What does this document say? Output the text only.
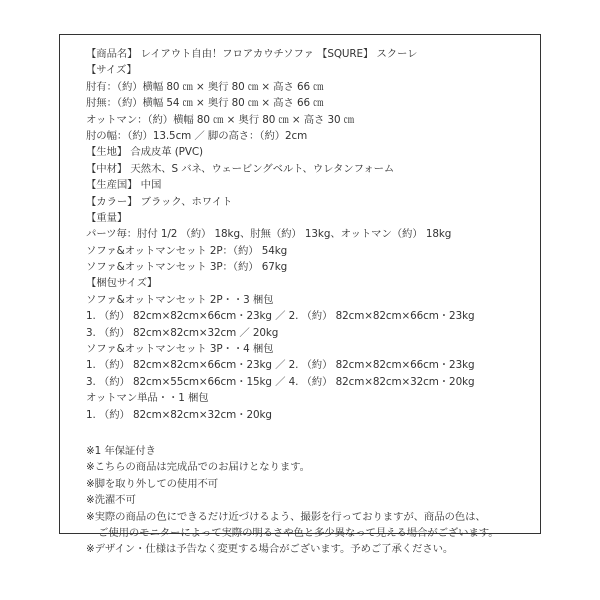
【商品名】 レイアウト自由！フロアカウチソファ 【SQURE】 スクーレ
【サイズ】
肘有：（約）横幅 80 ㎝ × 奥行 80 ㎝ × 高さ 66 ㎝
肘無：（約）横幅 54 ㎝ × 奥行 80 ㎝ × 高さ 66 ㎝
オットマン：（約）横幅 80 ㎝ × 奥行 80 ㎝ × 高さ 30 ㎝
肘の幅：（約）13.5cm ／ 脚の高さ：（約）2cm
【生地】 合成皮革 (PVC)
【中材】 天然木、S バネ、ウェービングベルト、ウレタンフォーム
【生産国】 中国
【カラー】 ブラック、ホワイト
【重量】
パーツ毎：肘付 1/2 （約） 18kg、肘無（約） 13kg、オットマン（約） 18kg
ソファ&オットマンセット 2P：（約） 54kg
ソファ&オットマンセット 3P：（約） 67kg
【梱包サイズ】
ソファ&オットマンセット 2P・・3 梱包
1. （約） 82cm×82cm×66cm・23kg ／ 2. （約） 82cm×82cm×66cm・23kg
3. （約） 82cm×82cm×32cm ／ 20kg
ソファ&オットマンセット 3P・・4 梱包
1. （約） 82cm×82cm×66cm・23kg ／ 2. （約） 82cm×82cm×66cm・23kg
3. （約） 82cm×55cm×66cm・15kg ／ 4. （約） 82cm×82cm×32cm・20kg
オットマン単品・・1 梱包
1. （約） 82cm×82cm×32cm・20kg
※1 年保証付き
※こちらの商品は完成品でのお届けとなります。
※脚を取り外しての使用不可
※洗濯不可
※実際の商品の色にできるだけ近づけるよう、撮影を行っておりますが、商品の色は、
ご使用のモニターによって実際の明るさや色と多少異なって見える場合がございます。
※デザイン・仕様は予告なく変更する場合がございます。予めご了承ください。
